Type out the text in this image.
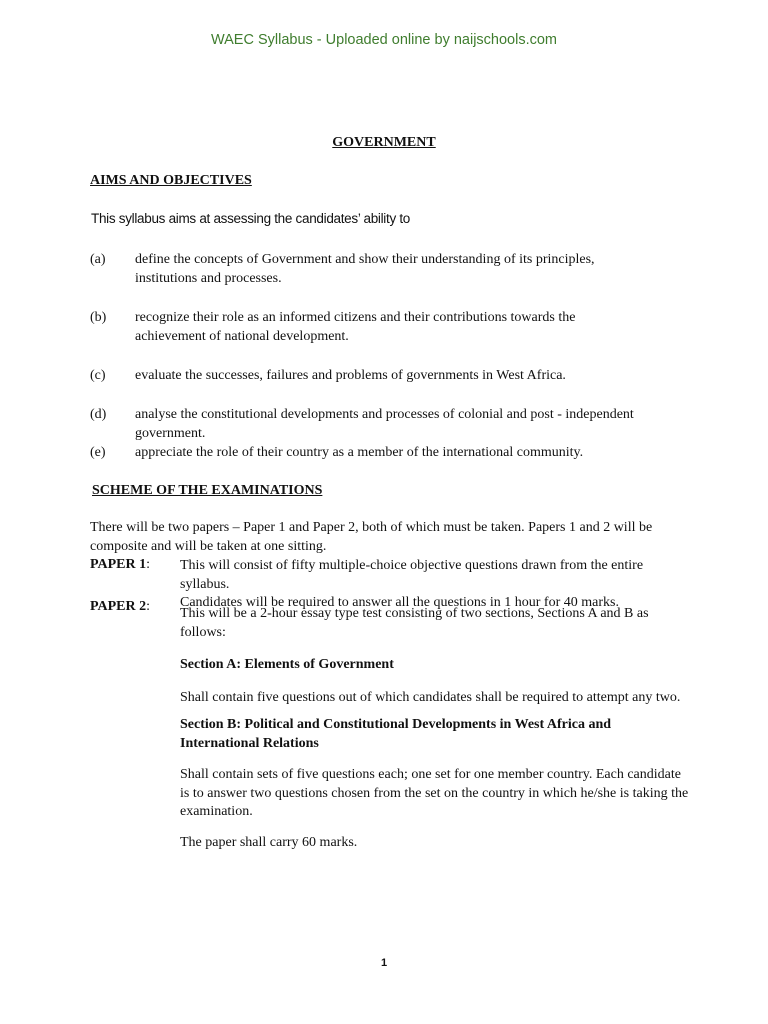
WAEC Syllabus - Uploaded online by naijschools.com
GOVERNMENT
AIMS AND OBJECTIVES
This syllabus aims at assessing the candidates’ ability to
(a) define the concepts of Government and show their understanding of its principles,
institutions and processes.
(b) recognize their role as an informed citizens and their contributions towards the
achievement of national development.
(c) evaluate the successes, failures and problems of governments in West Africa.
(d) analyse the constitutional developments and processes of colonial and post - independent
government.
(e) appreciate the role of their country as a member of the international community.
SCHEME OF THE EXAMINATIONS
There will be two papers – Paper 1 and Paper 2, both of which must be taken. Papers 1 and 2 will be
composite and will be taken at one sitting.
PAPER 1: This will consist of fifty multiple-choice objective questions drawn from the entire syllabus.
Candidates will be required to answer all the questions in 1 hour for 40 marks.
PAPER 2: This will be a 2-hour essay type test consisting of two sections, Sections A and B as
follows:
Section A: Elements of Government
Shall contain five questions out of which candidates shall be required to attempt any two.
Section B: Political and Constitutional Developments in West Africa and
International Relations
Shall contain sets of five questions each; one set for one member country. Each candidate
is to answer two questions chosen from the set on the country in which he/she is taking the
examination.
The paper shall carry 60 marks.
1
